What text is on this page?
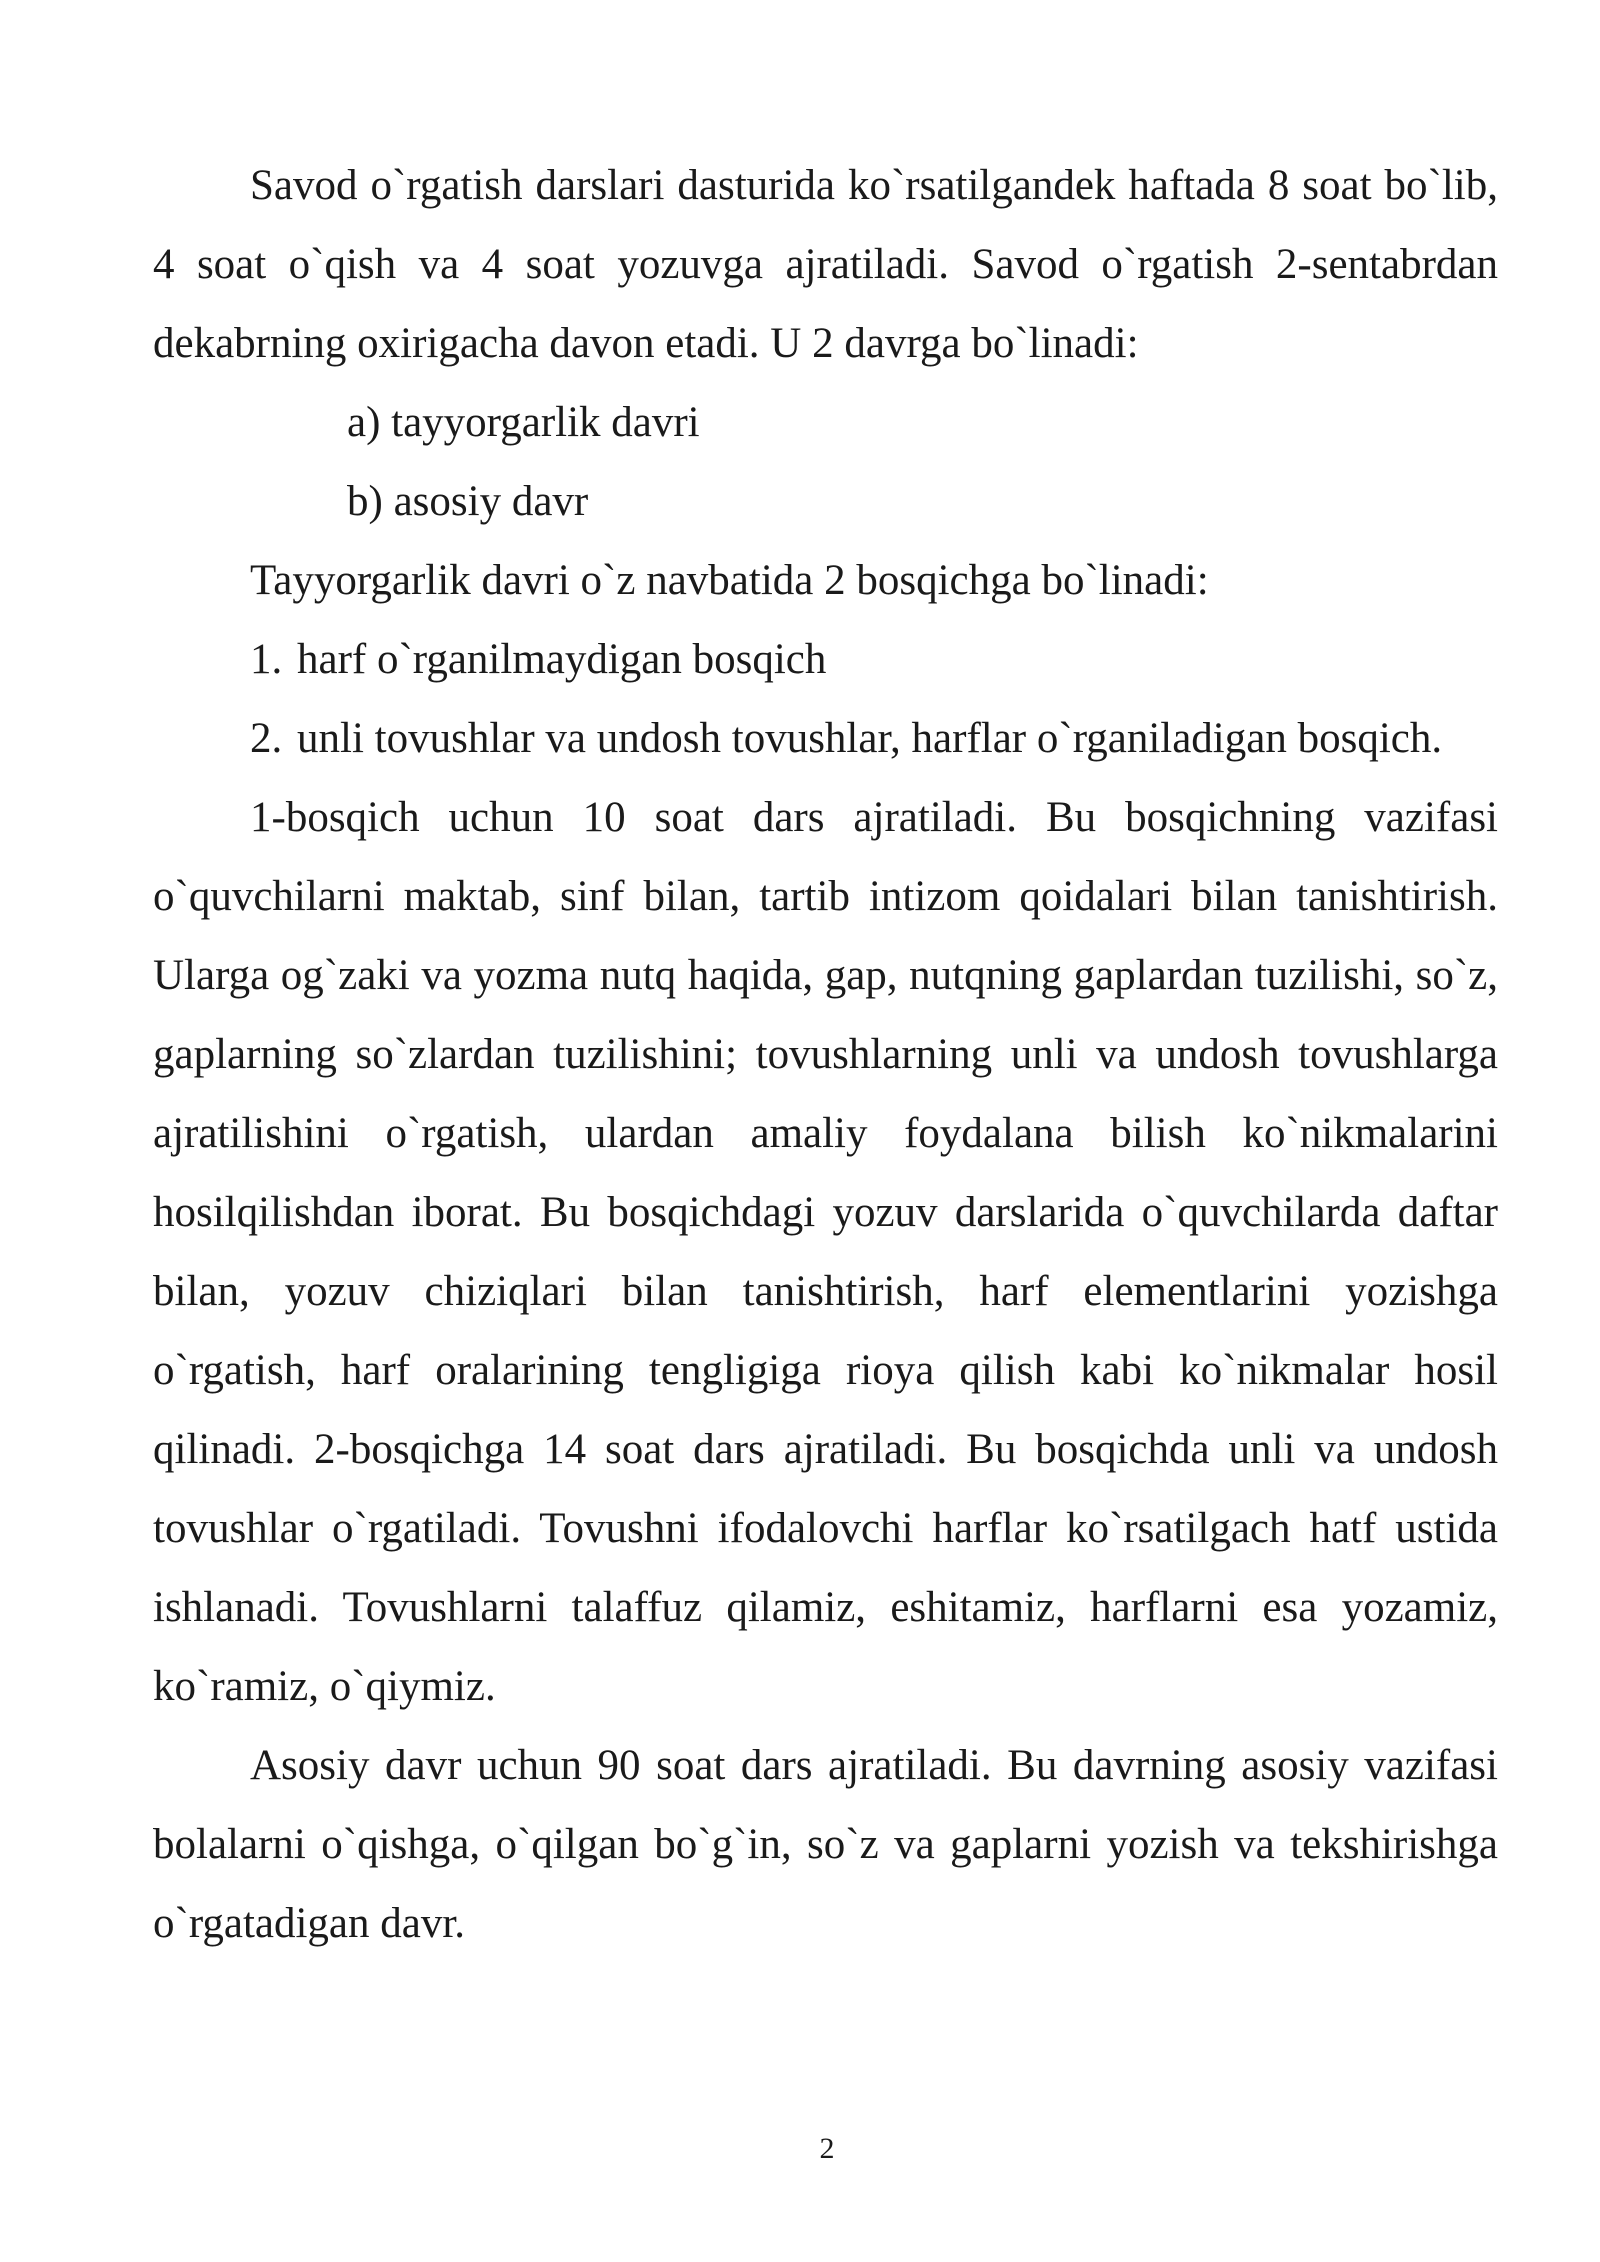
Savod o`rgatish darslari dasturida ko`rsatilgandek haftada 8 soat bo`lib, 4 soat o`qish va 4 soat yozuvga ajratiladi. Savod o`rgatish 2-sentabrdan dekabrning oxirigacha davon etadi. U 2 davrga bo`linadi:

a) tayyorgarlik davri

b) asosiy davr

Tayyorgarlik davri o`z navbatida 2 bosqichga bo`linadi:

1. harf o`rganilmaydigan bosqich

2. unli tovushlar va undosh tovushlar, harflar o`rganiladigan bosqich.

1-bosqich uchun 10 soat dars ajratiladi. Bu bosqichning vazifasi o`quvchilarni maktab, sinf bilan, tartib intizom qoidalari bilan tanishtirish. Ularga og`zaki va yozma nutq haqida, gap, nutqning gaplardan tuzilishi, so`z, gaplarning so`zlardan tuzilishini; tovushlarning unli va undosh tovushlarga ajratilishini o`rgatish, ulardan amaliy foydalana bilish ko`nikmalarini hosilqilishdan iborat. Bu bosqichdagi yozuv darslarida o`quvchilarda daftar bilan, yozuv chiziqlari bilan tanishtirish, harf elementlarini yozishga o`rgatish, harf oralarining tengligiga rioya qilish kabi ko`nikmalar hosil qilinadi. 2-bosqichga 14 soat dars ajratiladi. Bu bosqichda unli va undosh tovushlar o`rgatiladi. Tovushni ifodalovchi harflar ko`rsatilgach hatf ustida ishlanadi. Tovushlarni talaffuz qilamiz, eshitamiz, harflarni esa yozamiz, ko`ramiz, o`qiymiz.

Asosiy davr uchun 90 soat dars ajratiladi. Bu davrning asosiy vazifasi bolalarni o`qishga, o`qilgan bo`g`in, so`z va gaplarni yozish va tekshirishga o`rgatadigan davr.

2
